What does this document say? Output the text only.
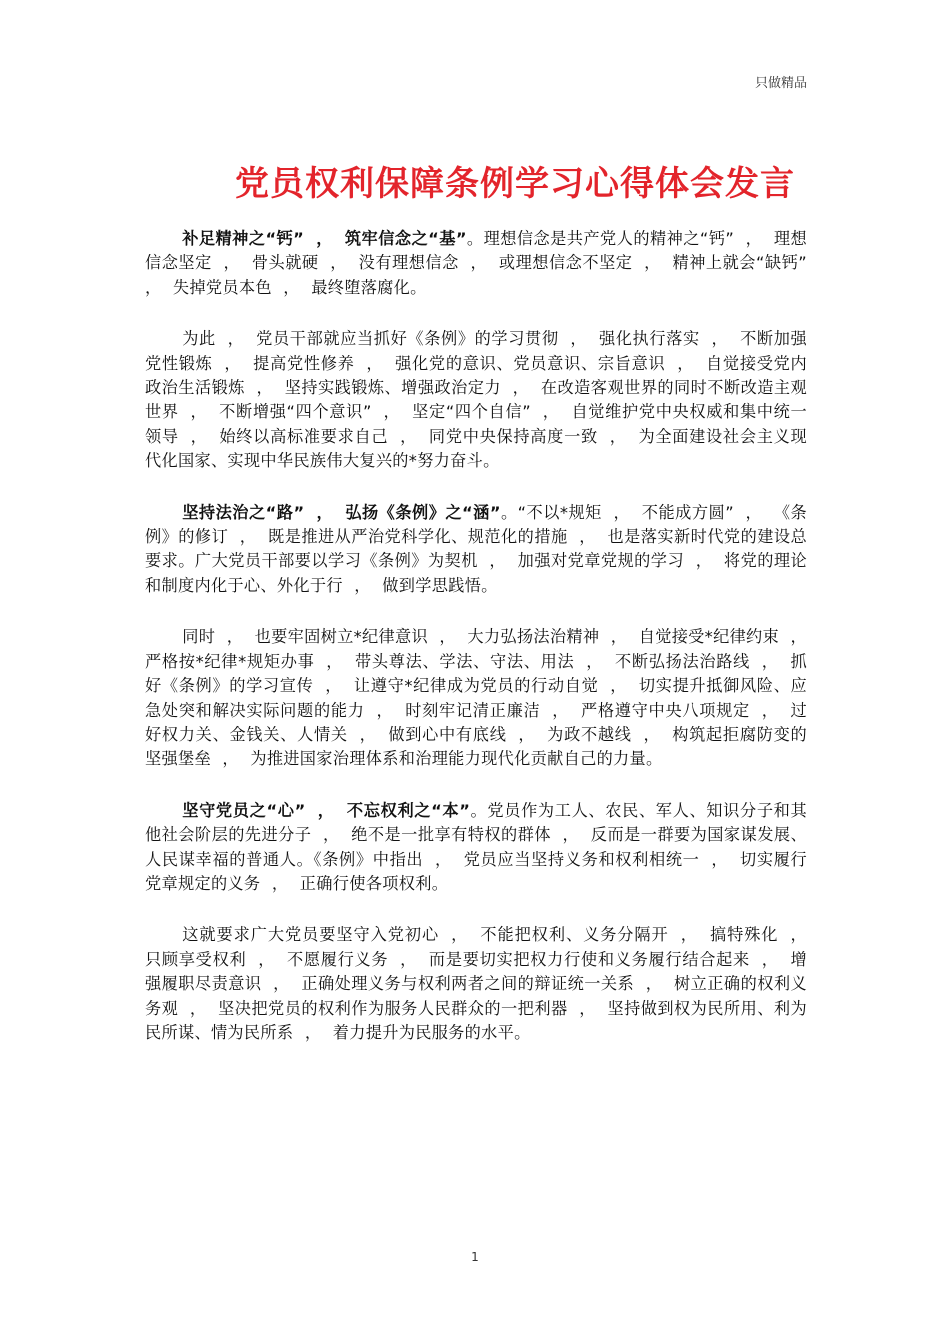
只做精品
党员权利保障条例学习心得体会发言

补足精神之“钙” ， 筑牢信念之“基”。理想信念是共产党人的精神之“钙” ， 理想信念坚定 ， 骨头就硬 ， 没有理想信念 ， 或理想信念不坚定 ， 精神上就会“缺钙” ， 失掉党员本色 ， 最终堕落腐化。

为此 ， 党员干部就应当抓好《条例》的学习贯彻 ， 强化执行落实 ， 不断加强党性锻炼 ， 提高党性修养 ， 强化党的意识、党员意识、宗旨意识 ， 自觉接受党内政治生活锻炼 ， 坚持实践锻炼、增强政治定力 ， 在改造客观世界的同时不断改造主观世界 ， 不断增强“四个意识” ， 坚定“四个自信” ， 自觉维护党中央权威和集中统一领导 ， 始终以高标准要求自己 ， 同党中央保持高度一致 ， 为全面建设社会主义现代化国家、实现中华民族伟大复兴的*努力奋斗。

坚持法治之“路” ， 弘扬《条例》之“涵”。“不以*规矩 ， 不能成方圆” ， 《条例》的修订 ， 既是推进从严治党科学化、规范化的措施 ， 也是落实新时代党的建设总要求。广大党员干部要以学习《条例》为契机 ， 加强对党章党规的学习 ， 将党的理论和制度内化于心、外化于行 ， 做到学思践悟。

同时 ， 也要牢固树立*纪律意识 ， 大力弘扬法治精神 ， 自觉接受*纪律约束 ， 严格按*纪律*规矩办事 ， 带头尊法、学法、守法、用法 ， 不断弘扬法治路线 ， 抓好《条例》的学习宣传 ， 让遵守*纪律成为党员的行动自觉 ， 切实提升抵御风险、应急处突和解决实际问题的能力 ， 时刻牢记清正廉洁 ， 严格遵守中央八项规定 ， 过好权力关、金钱关、人情关 ， 做到心中有底线 ， 为政不越线 ， 构筑起拒腐防变的坚强堡垒 ， 为推进国家治理体系和治理能力现代化贡献自己的力量。

坚守党员之“心” ， 不忘权利之“本”。党员作为工人、农民、军人、知识分子和其他社会阶层的先进分子 ， 绝不是一批享有特权的群体 ， 反而是一群要为国家谋发展、人民谋幸福的普通人。《条例》中指出 ， 党员应当坚持义务和权利相统一 ， 切实履行党章规定的义务 ， 正确行使各项权利。

这就要求广大党员要坚守入党初心 ， 不能把权利、义务分隔开 ， 搞特殊化 ， 只顾享受权利 ， 不愿履行义务 ， 而是要切实把权力行使和义务履行结合起来 ， 增强履职尽责意识 ， 正确处理义务与权利两者之间的辩证统一关系 ， 树立正确的权利义务观 ， 坚决把党员的权利作为服务人民群众的一把利器 ， 坚持做到权为民所用、利为民所谋、情为民所系 ， 着力提升为民服务的水平。

1
